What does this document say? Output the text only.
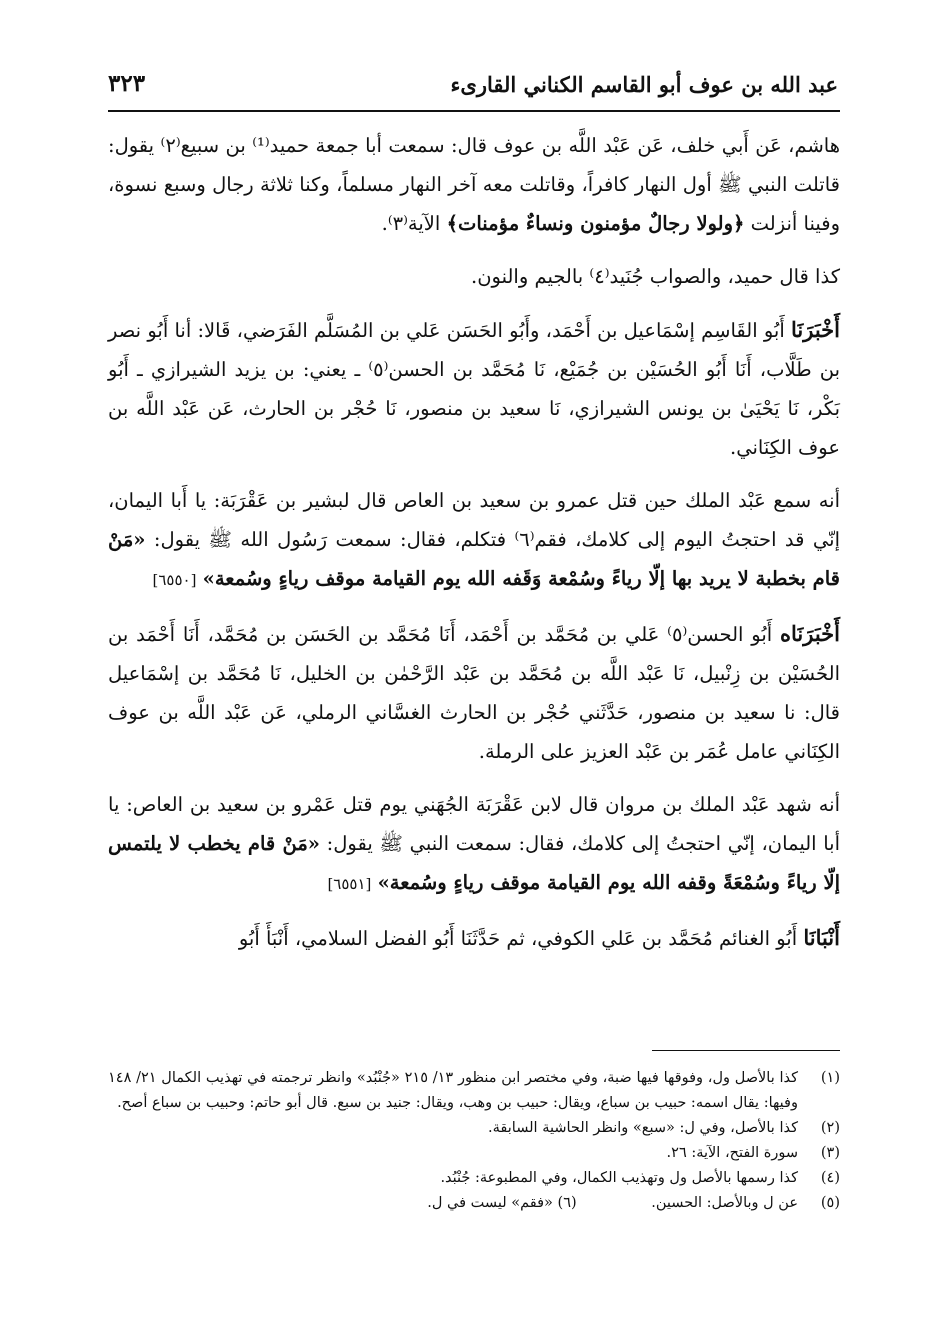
عبد الله بن عوف أبو القاسم الكناني القارىء
٣٢٣

هاشم، عَن أَبي خلف، عَن عَبْد اللَّه بن عوف قال: سمعت أبا جمعة حميد⁽¹⁾ بن سبيع⁽٢⁾ يقول: قاتلت النبي ﷺ أول النهار كافراً، وقاتلت معه آخر النهار مسلماً، وكنا ثلاثة رجال وسبع نسوة، وفينا أنزلت ﴿ولولا رجالٌ مؤمنون ونساءٌ مؤمنات﴾ الآية⁽٣⁾.

كذا قال حميد، والصواب جُنَيد⁽٤⁾ بالجيم والنون.

أَخْبَرَنَا أَبُو القَاسِم إسْمَاعيل بن أَحْمَد، وأَبُو الحَسَن عَلي بن المُسَلَّم الفَرَضي، قَالا: أنا أَبُو نصر بن طَلَّاب، أَنَا أَبُو الحُسَيْن بن جُمَيْع، نَا مُحَمَّد بن الحسن⁽٥⁾ ـ يعني: بن يزيد الشيرازي ـ أَبُو بَكْر، نَا يَحْيَىٰ بن يونس الشيرازي، نَا سعيد بن منصور، نَا حُجْر بن الحارث، عَن عَبْد اللَّه بن عوف الكِنَاني.

أنه سمع عَبْد الملك حين قتل عمرو بن سعيد بن العاص قال لبشير بن عَقْرَبَة: يا أَبا اليمان، إنّي قد احتجتُ اليوم إلى كلامك، فقم⁽٦⁾ فتكلم، فقال: سمعت رَسُول الله ﷺ يقول: «مَنْ قام بخطبة لا يريد بها إلّا رياءً وسُمْعة وَقَفه الله يوم القيامة موقف رياءٍ وسُمعة» [٦٥٥٠]

أَخْبَرَنَاه أَبُو الحسن⁽٥⁾ عَلي بن مُحَمَّد بن أَحْمَد، أَنَا مُحَمَّد بن الحَسَن بن مُحَمَّد، أَنَا أَحْمَد بن الحُسَيْن بن زِنْبيل، نَا عَبْد اللَّه بن مُحَمَّد بن عَبْد الرَّحْمٰن بن الخليل، نَا مُحَمَّد بن إسْمَاعيل قال: نا سعيد بن منصور، حَدَّثَني حُجْر بن الحارث الغسَّاني الرملي، عَن عَبْد اللَّه بن عوف الكِنَاني عامل عُمَر بن عَبْد العزيز على الرملة.

أنه شهد عَبْد الملك بن مروان قال لابن عَقْرَبَة الجُهَني يوم قتل عَمْرو بن سعيد بن العاص: يا أبا اليمان، إنّي احتجتُ إلى كلامك، فقال: سمعت النبي ﷺ يقول: «مَنْ قام يخطب لا يلتمس إلّا رياءً وسُمْعَةً وقفه الله يوم القيامة موقف رياءٍ وسُمعة» [٦٥٥١]

أَنْبَانَا أَبُو الغنائم مُحَمَّد بن عَلي الكوفي، ثم حَدَّثَنَا أَبُو الفضل السلامي، أَنْبَأَ أَبُو

(١)
كذا بالأصل ول، وفوقها فيها ضبة، وفي مختصر ابن منظور ١٣/ ٢١٥ «جُنْبُد» وانظر ترجمته في تهذيب الكمال ٢١/ ١٤٨ وفيها: يقال اسمه: حبيب بن سباع، ويقال: حبيب بن وهب، ويقال: جنيد بن سبع. قال أبو حاتم: وحبيب بن سباع أصح.
(٢)
كذا بالأصل، وفي ل: «سبع» وانظر الحاشية السابقة.
(٣)
سورة الفتح، الآية: ٢٦.
(٤)
كذا رسمها بالأصل ول وتهذيب الكمال، وفي المطبوعة: جُنْبُد.
(٥)
عن ل وبالأصل: الحسين. (٦) «فقم» ليست في ل.
